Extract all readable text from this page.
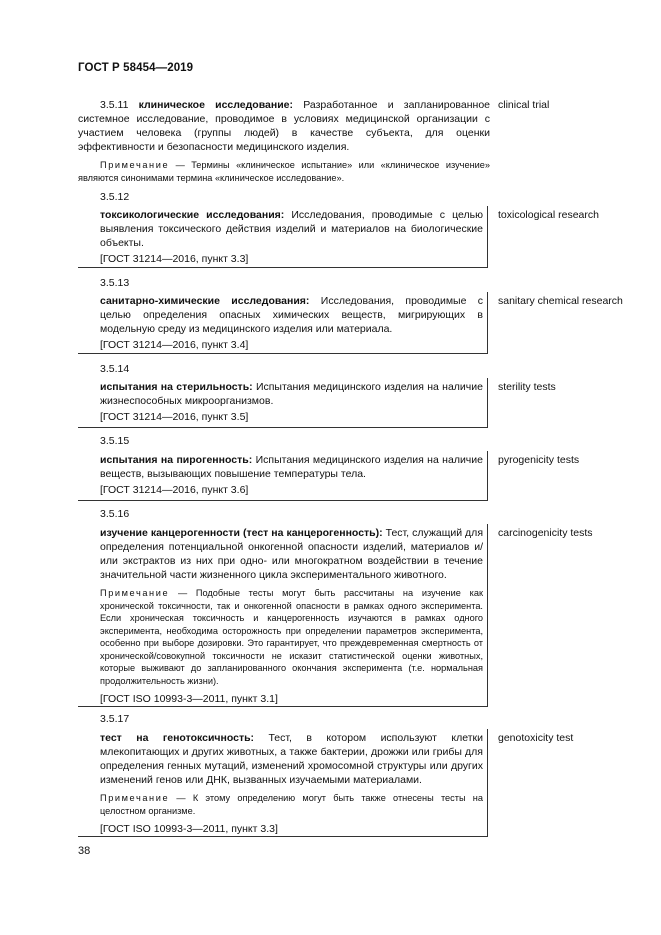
ГОСТ Р 58454—2019

3.5.11 клиническое исследование: Разработанное и запланированное системное исследование, проводимое в условиях медицинской организации с участием человека (группы людей) в качестве субъекта, для оценки эффективности и безопасности медицинского изделия.

Примечание — Термины «клиническое испытание» или «клиническое изучение» являются синонимами термина «клиническое исследование».

clinical trial
3.5.12

токсикологические исследования: Исследования, проводимые с целью выявления токсического действия изделий и материалов на биологические объекты.

[ГОСТ 31214—2016, пункт 3.3]

toxicological research
3.5.13

санитарно-химические исследования: Исследования, проводимые с целью определения опасных химических веществ, мигрирующих в модельную среду из медицинского изделия или материала.

[ГОСТ 31214—2016, пункт 3.4]

sanitary chemical research
3.5.14

испытания на стерильность: Испытания медицинского изделия на наличие жизнеспособных микроорганизмов.

[ГОСТ 31214—2016, пункт 3.5]

sterility tests
3.5.15

испытания на пирогенность: Испытания медицинского изделия на наличие веществ, вызывающих повышение температуры тела.

[ГОСТ 31214—2016, пункт 3.6]

pyrogenicity tests
3.5.16

изучение канцерогенности (тест на канцерогенность): Тест, служащий для определения потенциальной онкогенной опасности изделий, материалов и/или экстрактов из них при одно- или многократном воздействии в течение значительной части жизненного цикла экспериментального животного.

Примечание — Подобные тесты могут быть рассчитаны на изучение как хронической токсичности, так и онкогенной опасности в рамках одного эксперимента. Если хроническая токсичность и канцерогенность изучаются в рамках одного эксперимента, необходима осторожность при определении параметров эксперимента, особенно при выборе дозировки. Это гарантирует, что преждевременная смертность от хронической/совокупной токсичности не исказит статистической оценки животных, которые выживают до запланированного окончания эксперимента (т.е. нормальная продолжительность жизни).

[ГОСТ ISO 10993-3—2011, пункт 3.1]

carcinogenicity tests
3.5.17

тест на генотоксичность: Тест, в котором используют клетки млекопитающих и других животных, а также бактерии, дрожжи или грибы для определения генных мутаций, изменений хромосомной структуры или других изменений генов или ДНК, вызванных изучаемыми материалами.

Примечание — К этому определению могут быть также отнесены тесты на целостном организме.

[ГОСТ ISO 10993-3—2011, пункт 3.3]

genotoxicity test
38
